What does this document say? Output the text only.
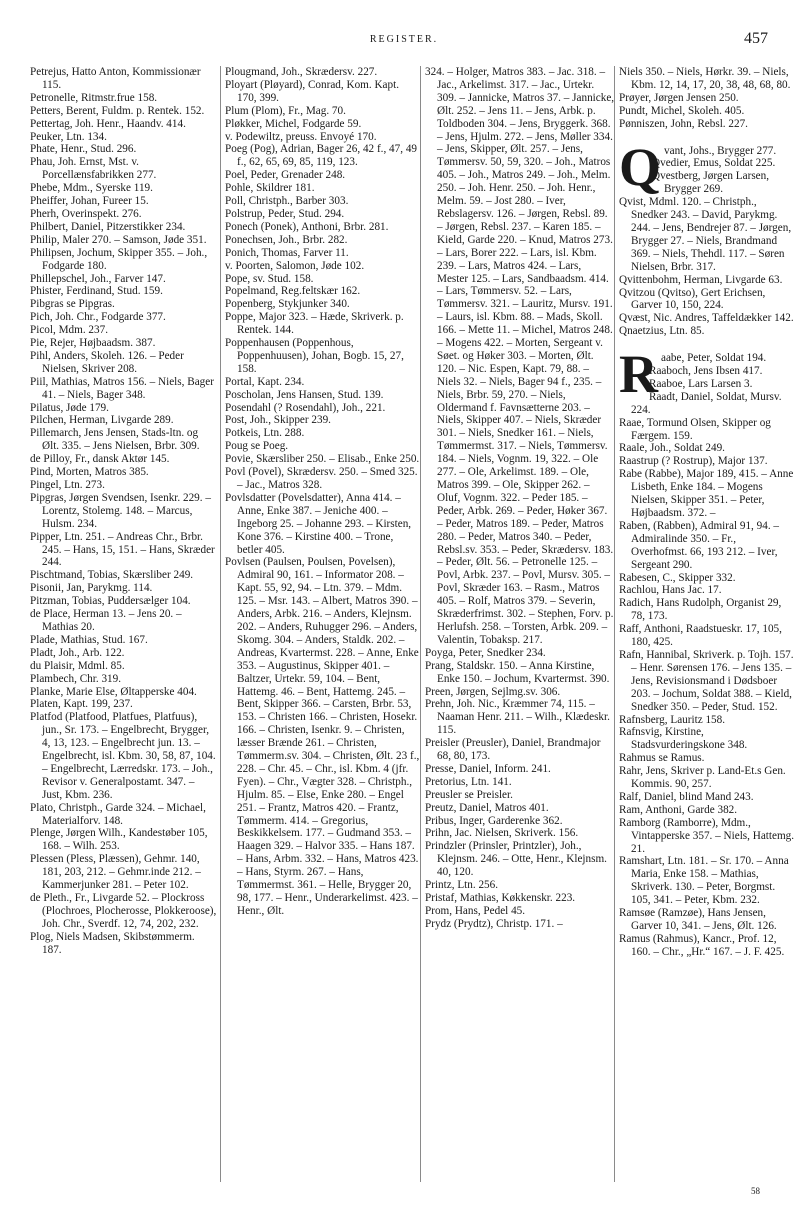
REGISTER.	457

Petrejus, Hatto Anton, Kommissionær 115.

Petronelle, Ritmstr.frue 158.

Petters, Berent, Fuldm. p. Rentek. 152.

Pettertag, Joh. Henr., Haandv. 414.

Peuker, Ltn. 134.

Phate, Henr., Stud. 296.

Phau, Joh. Ernst, Mst. v. Porcellænsfabrikken 277.

Phebe, Mdm., Syerske 119.

Pheiffer, Johan, Fureer 15.

Pherh, Overinspekt. 276.

Philbert, Daniel, Pitzerstikker 234.

Philip, Maler 270. – Samson, Jøde 351.

Philipsen, Jochum, Skipper 355. – Joh., Fodgarde 180.

Phillepschel, Joh., Farver 147.

Phister, Ferdinand, Stud. 159.

Pibgras se Pipgras.

Pich, Joh. Chr., Fodgarde 377.

Picol, Mdm. 237.

Pie, Rejer, Højbaadsm. 387.

Pihl, Anders, Skoleh. 126. – Peder Nielsen, Skriver 208.

Piil, Mathias, Matros 156. – Niels, Bager 41. – Niels, Bager 348.

Pilatus, Jøde 179.

Pilchen, Herman, Livgarde 289.

Pillemarch, Jens Jensen, Stads-ltn. og Ølt. 335. – Jens Nielsen, Brbr. 309.

de Pilloy, Fr., dansk Aktør 145.

Pind, Morten, Matros 385.

Pingel, Ltn. 273.

Pipgras, Jørgen Svendsen, Isenkr. 229. – Lorentz, Stolemg. 148. – Marcus, Hulsm. 234.

Pipper, Ltn. 251. – Andreas Chr., Brbr. 245. – Hans, 15, 151. – Hans, Skræder 244.

Pischtmand, Tobias, Skærsliber 249.

Pisonii, Jan, Parykmg. 114.

Pitzman, Tobias, Puddersælger 104.

de Place, Herman 13. – Jens 20. – Mathias 20.

Plade, Mathias, Stud. 167.

Pladt, Joh., Arb. 122.

du Plaisir, Mdml. 85.

Plambech, Chr. 319.

Planke, Marie Else, Øltapperske 404.

Platen, Kapt. 199, 237.

Platfod (Platfood, Platfues, Platfuus), jun., Sr. 173. – Engelbrecht, Brygger, 4, 13, 123. – Engelbrecht jun. 13. – Engelbrecht, isl. Kbm. 30, 58, 87, 104. – Engelbrecht, Lærredskr. 173. – Joh., Revisor v. Generalpostamt. 347. – Just, Kbm. 236.

Plato, Christph., Garde 324. – Michael, Materialforv. 148.

Plenge, Jørgen Wilh., Kandestøber 105, 168. – Wilh. 253.

Plessen (Pless, Plæssen), Gehmr. 140, 181, 203, 212. – Gehmr.inde 212. – Kammerjunker 281. – Peter 102.

de Pleth., Fr., Livgarde 52. – Plockross (Plochroes, Plocherosse, Plokkeroose), Joh. Chr., Sverdf. 12, 74, 202, 232.

Plog, Niels Madsen, Skibstømmerm. 187.

Plougmand, Joh., Skrædersv. 227.

Ployart (Pløyard), Conrad, Kom. Kapt. 170, 399.

Plum (Plom), Fr., Mag. 70.

Pløkker, Michel, Fodgarde 59.

v. Podewiltz, preuss. Envoyé 170.

Poeg (Pog), Adrian, Bager 26, 42 f., 47, 49 f., 62, 65, 69, 85, 119, 123.

Poel, Peder, Grenader 248.

Pohle, Skildrer 181.

Poll, Christph., Barber 303.

Polstrup, Peder, Stud. 294.

Ponech (Ponek), Anthoni, Brbr. 281.

Ponechsen, Joh., Brbr. 282.

Ponich, Thomas, Farver 11.

v. Poorten, Salomon, Jøde 102.

Pope, sv. Stud. 158.

Popelmand, Reg.feltskær 162.

Popenberg, Stykjunker 340.

Poppe, Major 323. – Hæde, Skriverk. p. Rentek. 144.

Poppenhausen (Poppenhous, Poppenhuusen), Johan, Bogb. 15, 27, 158.

Portal, Kapt. 234.

Poscholan, Jens Hansen, Stud. 139.

Posendahl (? Rosendahl), Joh., 221.

Post, Joh., Skipper 239.

Potkeis, Ltn. 288.

Poug se Poeg.

Povie, Skærsliber 250. – Elisab., Enke 250.

Povl (Povel), Skrædersv. 250. – Smed 325. – Jac., Matros 328.

Povlsdatter (Povelsdatter), Anna 414. – Anne, Enke 387. – Jeniche 400. – Ingeborg 25. – Johanne 293. – Kirsten, Kone 376. – Kirstine 400. – Trone, betler 405.

Povlsen (Paulsen, Poulsen, Povelsen), Admiral 90, 161. – Informator 208. – Kapt. 55, 92, 94. – Ltn. 379. – Mdm. 125. – Msr. 143. – Albert, Matros 390. – Anders, Arbk. 216. – Anders, Klejnsm. 202. – Anders, Ruhugger 296. – Anders, Skomg. 304. – Anders, Staldk. 202. – Andreas, Kvartermst. 228. – Anne, Enke 353. – Augustinus, Skipper 401. – Baltzer, Urtekr. 59, 104. – Bent, Hattemg. 46. – Bent, Hattemg. 245. – Bent, Skipper 366. – Carsten, Brbr. 53, 153. – Christen 166. – Christen, Hosekr. 166. – Christen, Isenkr. 9. – Christen, læsser Brænde 261. – Christen, Tømmerm.sv. 304. – Christen, Ølt. 23 f., 228. – Chr. 45. – Chr., isl. Kbm. 4 (jfr. Fyen). – Chr., Vægter 328. – Christph., Hjulm. 85. – Else, Enke 280. – Engel 251. – Frantz, Matros 420. – Frantz, Tømmerm. 414. – Gregorius, Beskikkelsem. 177. – Gudmand 353. – Haagen 329. – Halvor 335. – Hans 187. – Hans, Arbm. 332. – Hans, Matros 423. – Hans, Styrm. 267. – Hans, Tømmermst. 361. – Helle, Brygger 20, 98, 177. – Henr., Underarkelimst. 423. – Henr., Ølt.

324. – Holger, Matros 383. – Jac. 318. – Jac., Arkelimst. 317. – Jac., Urtekr. 309. – Jannicke, Matros 37. – Jannicke, Ølt. 252. – Jens 11. – Jens, Arbk. p. Toldboden 304. – Jens, Bryggerk. 368. – Jens, Hjulm. 272. – Jens, Møller 334. – Jens, Skipper, Ølt. 257. – Jens, Tømmersv. 50, 59, 320. – Joh., Matros 405. – Joh., Matros 249. – Joh., Melm. 250. – Joh. Henr. 250. – Joh. Henr., Melm. 59. – Jost 280. – Iver, Rebslagersv. 126. – Jørgen, Rebsl. 89. – Jørgen, Rebsl. 237. – Karen 185. – Kield, Garde 220. – Knud, Matros 273. – Lars, Borer 222. – Lars, isl. Kbm. 239. – Lars, Matros 424. – Lars, Mester 125. – Lars, Sandbaadsm. 414. – Lars, Tømmersv. 52. – Lars, Tømmersv. 321. – Lauritz, Mursv. 191. – Laurs, isl. Kbm. 88. – Mads, Skoll. 166. – Mette 11. – Michel, Matros 248. – Mogens 422. – Morten, Sergeant v. Søet. og Høker 303. – Morten, Ølt. 120. – Nic. Espen, Kapt. 79, 88. – Niels 32. – Niels, Bager 94 f., 235. – Niels, Brbr. 59, 270. – Niels, Oldermand f. Favnsætterne 203. – Niels, Skipper 407. – Niels, Skræder 301. – Niels, Snedker 161. – Niels, Tømmermst. 317. – Niels, Tømmersv. 184. – Niels, Vognm. 19, 322. – Ole 277. – Ole, Arkelimst. 189. – Ole, Matros 399. – Ole, Skipper 262. – Oluf, Vognm. 322. – Peder 185. – Peder, Arbk. 269. – Peder, Høker 367. – Peder, Matros 189. – Peder, Matros 280. – Peder, Matros 340. – Peder, Rebsl.sv. 353. – Peder, Skrædersv. 183. – Peder, Ølt. 56. – Petronelle 125. – Povl, Arbk. 237. – Povl, Mursv. 305. – Povl, Skræder 163. – Rasm., Matros 405. – Rolf, Matros 379. – Severin, Skræderfrimst. 302. – Stephen, Forv. p. Herlufsh. 258. – Torsten, Arbk. 209. – Valentin, Tobaksp. 217.

Poyga, Peter, Snedker 234.

Prang, Staldskr. 150. – Anna Kirstine, Enke 150. – Jochum, Kvartermst. 390.

Preen, Jørgen, Sejlmg.sv. 306.

Prehn, Joh. Nic., Kræmmer 74, 115. – Naaman Henr. 211. – Wilh., Klædeskr. 115.

Preisler (Preusler), Daniel, Brandmajor 68, 80, 173.

Presse, Daniel, Inform. 241.

Pretorius, Ltn. 141.

Preusler se Preisler.

Preutz, Daniel, Matros 401.

Pribus, Inger, Garderenke 362.

Prihn, Jac. Nielsen, Skriverk. 156.

Prindzler (Prinsler, Printzler), Joh., Klejnsm. 246. – Otte, Henr., Klejnsm. 40, 120.

Printz, Ltn. 256.

Pristaf, Mathias, Køkkenskr. 223.

Prom, Hans, Pedel 45.

Prydz (Prydtz), Christp. 171. –

Niels 350. – Niels, Hørkr. 39. – Niels, Kbm. 12, 14, 17, 20, 38, 48, 68, 80.

Prøyer, Jørgen Jensen 250.

Pundt, Michel, Skoleh. 405.

Pønniszen, John, Rebsl. 227.

Q vant, Johs., Brygger 277.

Qvedier, Emus, Soldat 225.

Qvestberg, Jørgen Larsen, Brygger 269.

Qvist, Mdml. 120. – Christph., Snedker 243. – David, Parykmg. 244. – Jens, Bendrejer 87. – Jørgen, Brygger 27. – Niels, Brandmand 369. – Niels, Thehdl. 117. – Søren Nielsen, Brbr. 317.

Qvittenbohm, Herman, Livgarde 63.

Qvitzou (Qvitso), Gert Erichsen, Garver 10, 150, 224.

Qvæst, Nic. Andres, Taffeldækker 142.

Qnaetzius, Ltn. 85.

R aabe, Peter, Soldat 194.

Raaboch, Jens Ibsen 417.

Raaboe, Lars Larsen 3.

Raadt, Daniel, Soldat, Mursv. 224.

Raae, Tormund Olsen, Skipper og Færgem. 159.

Raale, Joh., Soldat 249.

Raastrup (? Rostrup), Major 137.

Rabe (Rabbe), Major 189, 415. – Anne Lisbeth, Enke 184. – Mogens Nielsen, Skipper 351. – Peter, Højbaadsm. 372. –

Raben, (Rabben), Admiral 91, 94. – Admiralinde 350. – Fr., Overhofmst. 66, 193 212. – Iver, Sergeant 290.

Rabesen, C., Skipper 332.

Rachlou, Hans Jac. 17.

Radich, Hans Rudolph, Organist 29, 78, 173.

Raff, Anthoni, Raadstueskr. 17, 105, 180, 425.

Rafn, Hannibal, Skriverk. p. Tojh. 157. – Henr. Sørensen 176. – Jens 135. – Jens, Revisionsmand i Dødsboer 203. – Jochum, Soldat 388. – Kield, Snedker 350. – Peder, Stud. 152.

Rafnsberg, Lauritz 158.

Rafnsvig, Kirstine, Stadsvurderingskone 348.

Rahmus se Ramus.

Rahr, Jens, Skriver p. Land-Et.s Gen. Kommis. 90, 257.

Ralf, Daniel, blind Mand 243.

Ram, Anthoni, Garde 382.

Ramborg (Ramborre), Mdm., Vintapperske 357. – Niels, Hattemg. 21.

Ramshart, Ltn. 181. – Sr. 170. – Anna Maria, Enke 158. – Mathias, Skriverk. 130. – Peter, Borgmst. 105, 341. – Peter, Kbm. 232.

Ramsøe (Ramzøe), Hans Jensen, Garver 10, 341. – Jens, Ølt. 126.

Ramus (Rahmus), Kancr., Prof. 12, 160. – Chr., „Hr.“ 167. – J. F. 425.

58
